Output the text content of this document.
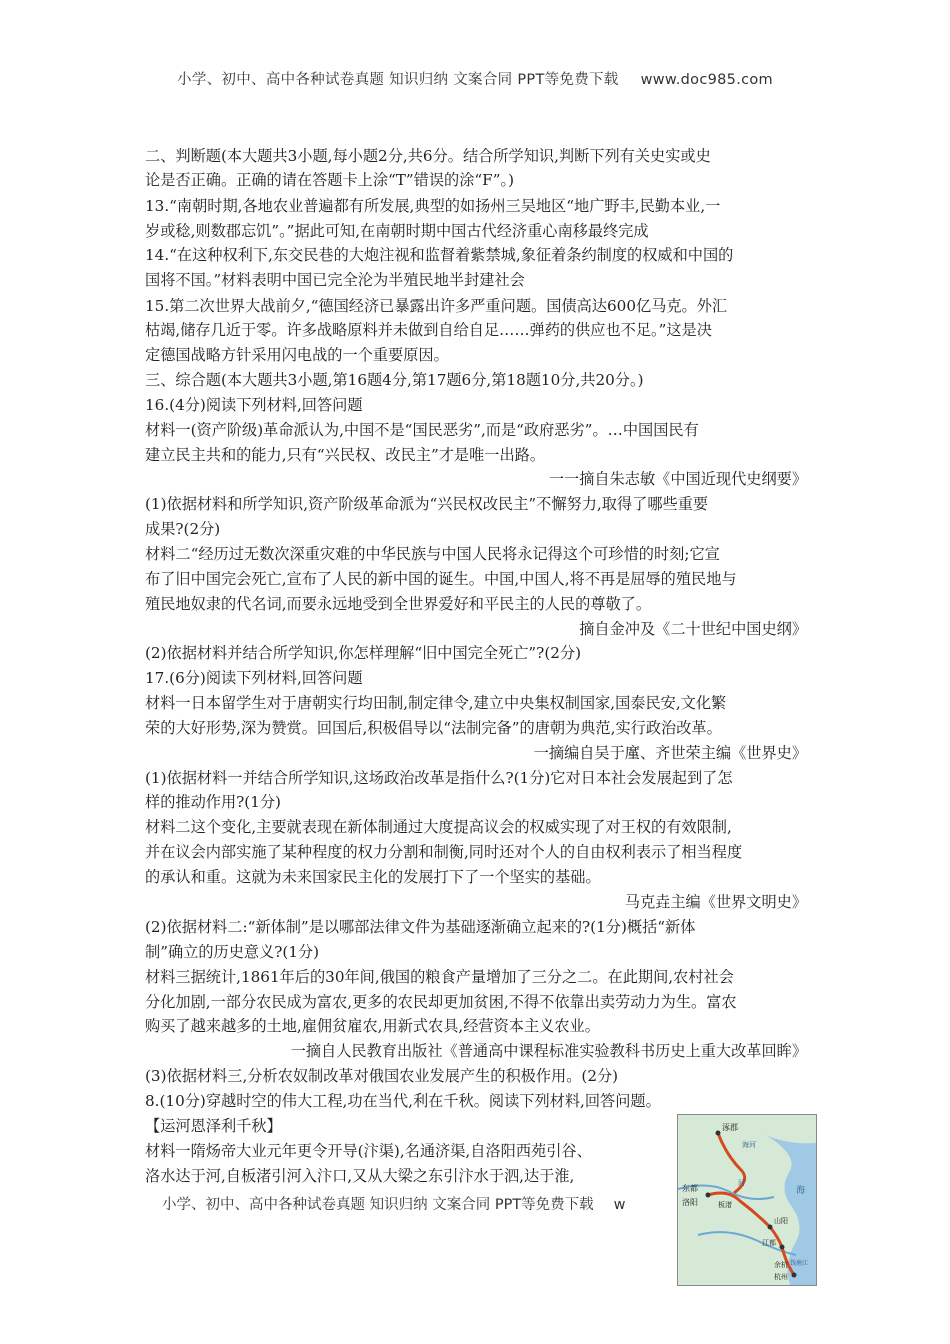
小学、初中、高中各种试卷真题 知识归纳 文案合同 PPT等免费下载 www.doc985.com
二、判断题(本大题共3小题,每小题2分,共6分。结合所学知识,判断下列有关史实或史
论是否正确。正确的请在答题卡上涂“T”错误的涂“F”。)
13.“南朝时期,各地农业普遍都有所发展,典型的如扬州三吴地区“地广野丰,民勤本业,一
岁或稔,则数郡忘饥”。”据此可知,在南朝时期中国古代经济重心南移最终完成
14.“在这种权利下,东交民巷的大炮注视和监督着紫禁城,象征着条约制度的权威和中国的
国将不国。”材料表明中国已完全沦为半殖民地半封建社会
15.第二次世界大战前夕,“德国经济已暴露出许多严重问题。国债高达600亿马克。外汇
枯竭,储存几近于零。许多战略原料并未做到自给自足……弹药的供应也不足。”这是决
定德国战略方针采用闪电战的一个重要原因。
三、综合题(本大题共3小题,第16题4分,第17题6分,第18题10分,共20分。)
16.(4分)阅读下列材料,回答问题
材料一(资产阶级)革命派认为,中国不是“国民恶劣”,而是“政府恶劣”。…中国国民有
建立民主共和的能力,只有“兴民权、改民主”才是唯一出路。
一一摘自朱志敏《中国近现代史纲要》
(1)依据材料和所学知识,资产阶级革命派为“兴民权改民主”不懈努力,取得了哪些重要
成果?(2分)
材料二“经历过无数次深重灾难的中华民族与中国人民将永记得这个可珍惜的时刻;它宣
布了旧中国完会死亡,宣布了人民的新中国的诞生。中国,中国人,将不再是屈辱的殖民地与
殖民地奴隶的代名词,而要永远地受到全世界爱好和平民主的人民的尊敬了。
摘自金冲及《二十世纪中国史纲》
(2)依据材料并结合所学知识,你怎样理解“旧中国完全死亡”?(2分)
17.(6分)阅读下列材料,回答问题
材料一日本留学生对于唐朝实行均田制,制定律令,建立中央集权制国家,国泰民安,文化繁
荣的大好形势,深为赞赏。回国后,积极倡导以“法制完备”的唐朝为典范,实行政治改革。
一摘编自吴于廑、齐世荣主编《世界史》
(1)依据材料一并结合所学知识,这场政治改革是指什么?(1分)它对日本社会发展起到了怎
样的推动作用?(1分)
材料二这个变化,主要就表现在新体制通过大度提高议会的权威实现了对王权的有效限制,
并在议会内部实施了某种程度的权力分割和制衡,同时还对个人的自由权利表示了相当程度
的承认和重。这就为未来国家民主化的发展打下了一个坚实的基础。
马克垚主编《世界文明史》
(2)依据材料二:“新体制”是以哪部法律文件为基础逐渐确立起来的?(1分)概括“新体
制”确立的历史意义?(1分)
材料三据统计,1861年后的30年间,俄国的粮食产量增加了三分之二。在此期间,农村社会
分化加剧,一部分农民成为富农,更多的农民却更加贫困,不得不依靠出卖劳动力为生。富农
购买了越来越多的土地,雇佣贫雇农,用新式农具,经营资本主义农业。
一摘自人民教育出版社《普通高中课程标准实验教科书历史上重大改革回眸》
(3)依据材料三,分析农奴制改革对俄国农业发展产生的积极作用。(2分)
8.(10分)穿越时空的伟大工程,功在当代,利在千秋。阅读下列材料,回答问题。
【运河恩泽利千秋】
材料一隋炀帝大业元年更令开导(汴渠),名通济渠,自洛阳西苑引谷、
洛水达于河,自板渚引河入汴口,又从大梁之东引汴水于泗,达于淮,
涿郡
海河
东都
洛阳	板渚
山阳
江都
余杭
杭州
钱塘江
河
海
小学、初中、高中各种试卷真题 知识归纳 文案合同 PPT等免费下载 w
